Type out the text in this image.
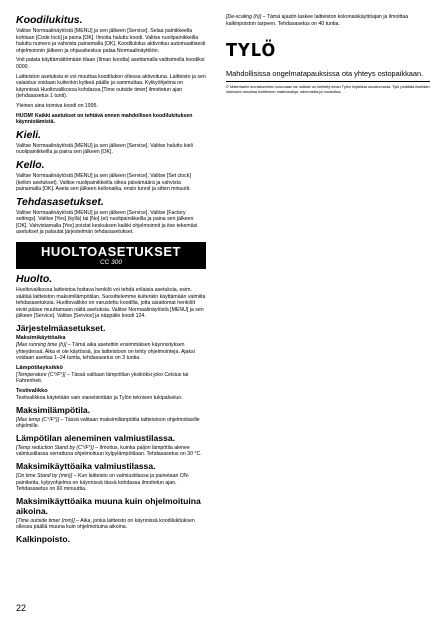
Koodilukitus.
Valitse Normaalinäytöstä [MENU] ja sen jälkeen [Service]. Selaa painikkeella kohtaan [Code lock] ja paina [OK]. Ilmoita haluttu koodi. Valitse nuolipainikkeilla haluttu numero ja vahvista painamalla [OK]. Koodilukitus aktivoituu automaattisesti ohjelmoinnin jälkeen ja ohjauskeskus palaa Normaalinäyttöön.
Voit palata käyttämättömään tilaan (Ilman koodia) asettamalla valitsimella koodiksi 0000.
Laitteiston asetuksia ei voi muuttaa koodilukon ollessa aktivoituna. Laitteisto ja sen valaistus voidaan kuitenkin kytkeä päälle ja sammuttaa. Kytkyöhjelma on käynnissä Huoltovalikossa kohdassa [Time outside timer] ilmoitetun ajan (tehdasasetus 1 tunti).
Yleinen aina toimiva koodi on 1995.
HUOM! Kaikki asetukset on tehtävä ennen mahdollisen koodilukituksen käynnistämistä.
Kieli.
Valitse Normaalinäytöstä [MENU] ja sen jälkeen [Service]. Valitse haluttu kieli nuolipainikkeilla ja paina sen jälkeen [OK].
Kello.
Valitse Normaalinäytöstä [MENU] ja sen jälkeen [Service]. Valitse [Set clock] (kellon asetukset). Valitse nuolipainikkeilla oikea päivämäärä ja vahvista painamalla [OK]. Aseta sen jälkeen kellonaika, ensin tunnit ja sitten minuutit.
Tehdasasetukset.
Valitse Normaalinäytöstä [MENU] ja sen jälkeen [Service]. Valitse [Factory settings]. Valitse [Yes] (kyllä) tai [No] (ei) nuolipainikkeilla ja paina sen jälkeen [OK]. Vahvistamalla [Yes] poistat keskuksen kaikki ohjelmoinnit ja itse tekemäsi asetukset ja palautat järjestelmän tehdasasetukset.
HUOLTOASETUKSET
CC 300
Huolto.
Huoltovalikossa laitteistoa hoitava henkilö voi tehdä erilaisia asetuksia, esim. säätää laitteiston maksimilämpötilan. Suosittelemme kuitenkin käyttämään valmiita tehdasasetuksia. Huoltovalikko on varustettu koodilla, jotta asiattomat henkilöt eivät pääse muuttamaan näitä asetuksia. Valitse Normaalinäytöstä [MENU] ja sen jälkeen [Service]. Valitse [Service] ja näppäile koodi 124.
Järjestelmäasetukset.
Maksimikäyttöaika
[Max running time (h)] – Tämä aika asetettiin ensimmäisen käynnistyksen yhteydessä. Aika ei ole käytössä, jos laitteistoon on tehty ohjelmointeja. Ajaksi voidaan asettaa 1–24 tuntia, tehdasasetus on 3 tuntia.
Lämpötilayksikkö
[Temperature (C°/F°)] – Tässä valitaan lämpötilan yksiköksi joko Celsius tai Fahrenheit.
Testivalikko
Testivalikkoa käytetään vain vianetsintään ja Tylön teknisen tukipalvelun.
Maksimilämpötila.
[Max temp (C°/F°)] – Tässä valitaan maksimilämpötila laitteistoon ohjelmoitaville ohjelmille.
Lämpötilan aleneminen valmiustilassa.
[Temp reduction Stand by (C°/F°)] – Ilmoitus, kuinka paljon lämpötila alenee valmiustilassa verrattuna ohjelmoituun kylpylämpötilaan. Tehdasasetus on 30 °C.
Maksimikäyttöaika valmiustilassa.
[On time Stand by (min)] – Kun laitteisto on valmiustilassa ja painetaan ON-painiketta, kylpyohjelma on käynnissä tässä kohdassa ilmoitetun ajan. Tehdasasetus on 60 minuuttia.
Maksimikäyttöaika muuna kuin ohjelmoituina aikoina.
[Time outside timer (min)] – Aika, jonka laitteisto on käynnissä koodilukituksen ollessa päällä muuna kuin ohjelmoituina aikoina.
Kalkinpoisto.
[De-scaling (h)] – Tämä ajastin laskee laitteiston kokonaiskäyttöajan ja ilmoittaa kalkinpoiston tarpeen. Tehdasasetus on 40 tuntia.
TYLÖ
Mahdollisissa ongelmatapauksissa ota yhteys ostopaikkaan.
© Materiaalin monistaminen kokonaan tai osittain on kielletty ilman Tylön kirjallista suostumusta. Tylö pidättää itsellään oikeuden muuttaa kuitteiston materiaaleja, rakennetta ja muotoilua.
22
